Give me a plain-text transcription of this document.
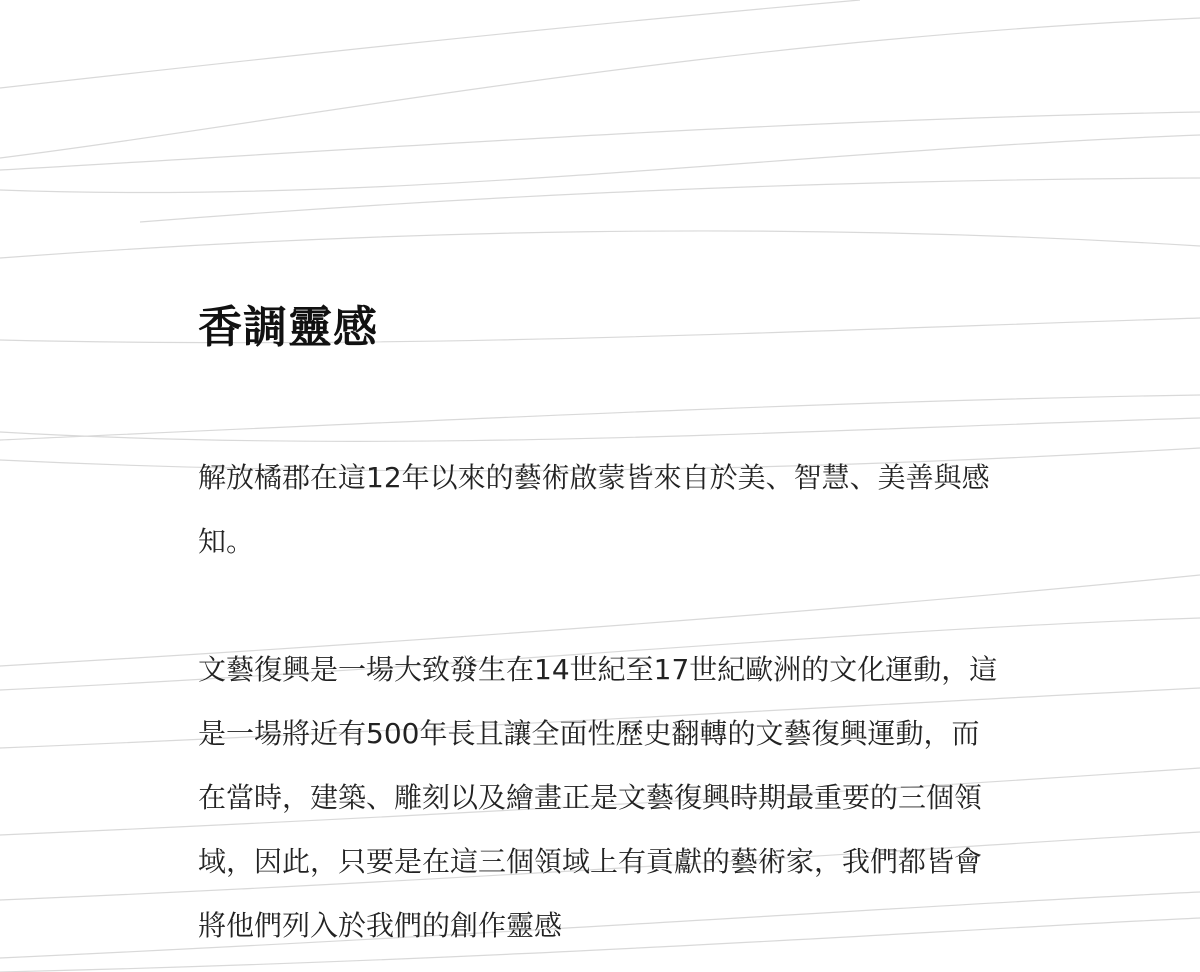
香調靈感

解放橘郡在這12年以來的藝術啟蒙皆來自於美、智慧、美善與感知。

文藝復興是一場大致發生在14世紀至17世紀歐洲的文化運動，這是一場將近有500年長且讓全面性歷史翻轉的文藝復興運動，而在當時，建築、雕刻以及繪畫正是文藝復興時期最重要的三個領域，因此，只要是在這三個領域上有貢獻的藝術家，我們都皆會將他們列入於我們的創作靈感
